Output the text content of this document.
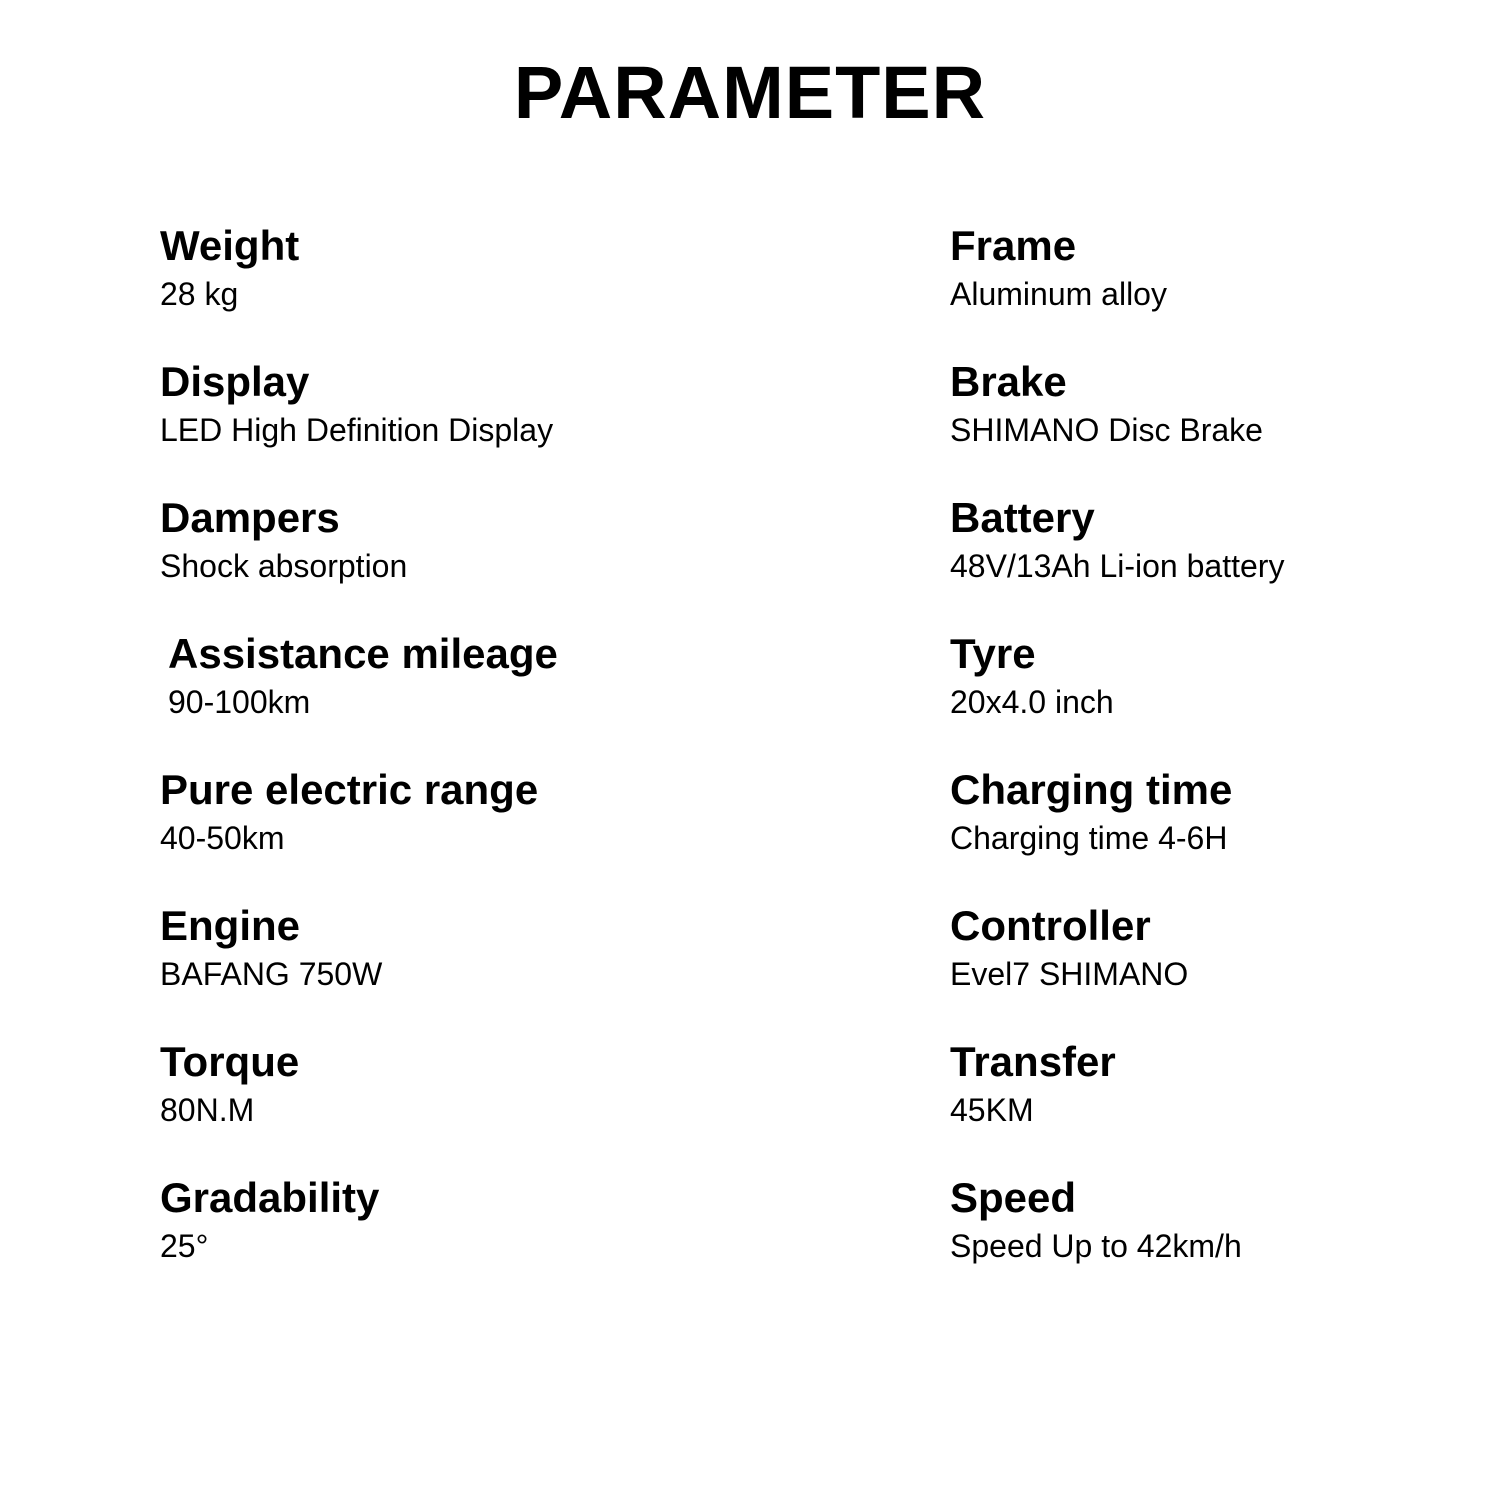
PARAMETER

Weight

28 kg

Frame

Aluminum alloy

Display

LED High Definition Display

Brake

SHIMANO Disc Brake

Dampers

Shock absorption

Battery

48V/13Ah Li-ion battery

Assistance mileage

90-100km

Tyre

20x4.0 inch

Pure electric range

40-50km

Charging time

Charging time 4-6H

Engine

BAFANG 750W

Controller

Evel7 SHIMANO

Torque

80N.M

Transfer

45KM

Gradability

25°

Speed

Speed Up to 42km/h
